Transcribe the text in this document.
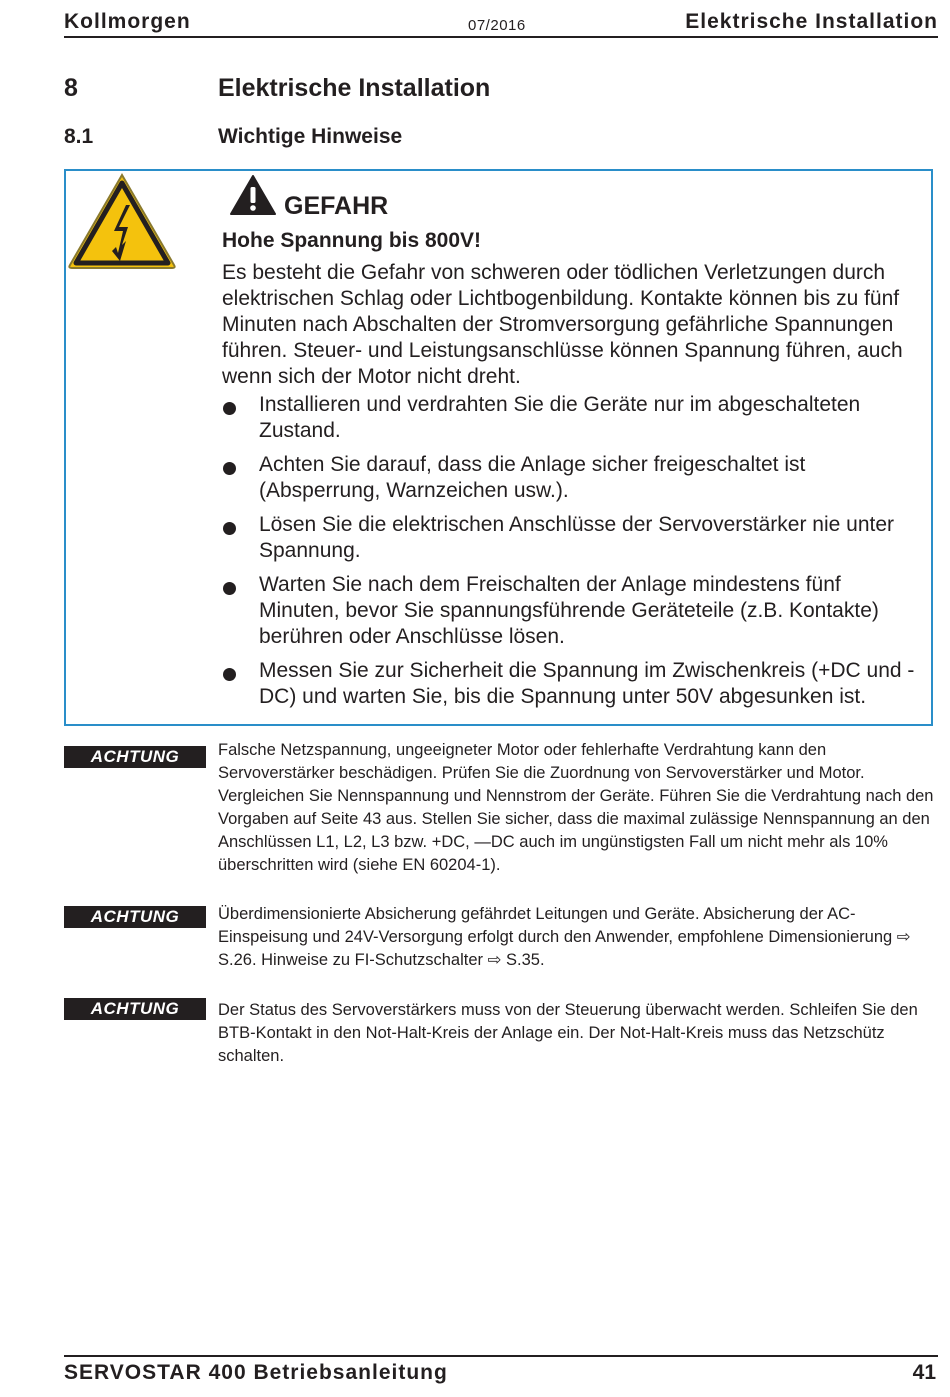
Kollmorgen	07/2016	Elektrische Installation
8	Elektrische Installation
8.1	Wichtige Hinweise
GEFAHR
Hohe Spannung bis 800V!
Es besteht die Gefahr von schweren oder tödlichen Verletzungen durch elektrischen Schlag oder Lichtbogenbildung. Kontakte können bis zu fünf Minuten nach Abschalten der Stromversorgung gefährliche Spannungen führen. Steuer- und Leistungsanschlüsse können Spannung führen, auch wenn sich der Motor nicht dreht.
Installieren und verdrahten Sie die Geräte nur im abgeschalteten Zustand.
Achten Sie darauf, dass die Anlage sicher freigeschaltet ist (Absperrung, Warnzeichen usw.).
Lösen Sie die elektrischen Anschlüsse der Servoverstärker nie unter Spannung.
Warten Sie nach dem Freischalten der Anlage mindestens fünf Minuten, bevor Sie spannungsführende Geräteteile (z.B. Kontakte) berühren oder Anschlüsse lösen.
Messen Sie zur Sicherheit die Spannung im Zwischenkreis (+DC und -DC) und warten Sie, bis die Spannung unter 50V abgesunken ist.
ACHTUNG	Falsche Netzspannung, ungeeigneter Motor oder fehlerhafte Verdrahtung kann den Servoverstärker beschädigen. Prüfen Sie die Zuordnung von Servoverstärker und Motor. Vergleichen Sie Nennspannung und Nennstrom der Geräte. Führen Sie die Verdrahtung nach den Vorgaben auf Seite 43 aus. Stellen Sie sicher, dass die maximal zulässige Nennspannung an den Anschlüssen L1, L2, L3 bzw. +DC, —DC auch im ungünstigsten Fall um nicht mehr als 10% überschritten wird (siehe EN 60204-1).
ACHTUNG	Überdimensionierte Absicherung gefährdet Leitungen und Geräte. Absicherung der AC-Einspeisung und 24V-Versorgung erfolgt durch den Anwender, empfohlene Dimensionierung ⇨ S.26. Hinweise zu FI-Schutzschalter ⇨ S.35.
ACHTUNG	Der Status des Servoverstärkers muss von der Steuerung überwacht werden. Schleifen Sie den BTB-Kontakt in den Not-Halt-Kreis der Anlage ein. Der Not-Halt-Kreis muss das Netzschütz schalten.
SERVOSTAR 400 Betriebsanleitung	41
